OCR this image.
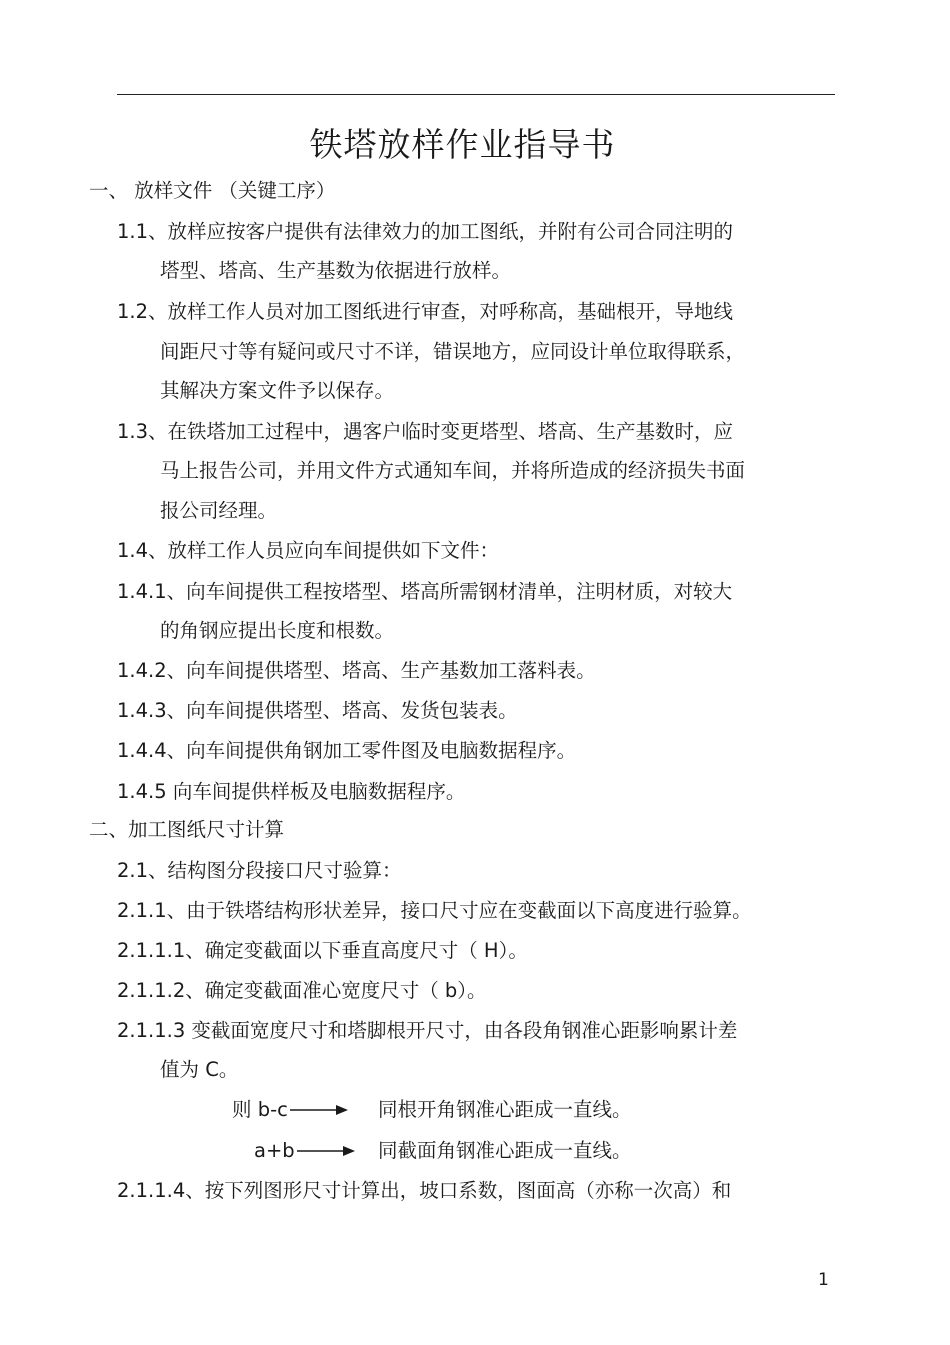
铁塔放样作业指导书
一、 放样文件 （关键工序）
1.1、放样应按客户提供有法律效力的加工图纸，并附有公司合同注明的
塔型、塔高、生产基数为依据进行放样。
1.2、放样工作人员对加工图纸进行审查，对呼称高，基础根开，导地线
间距尺寸等有疑问或尺寸不详，错误地方，应同设计单位取得联系，
其解决方案文件予以保存。
1.3、在铁塔加工过程中，遇客户临时变更塔型、塔高、生产基数时，应
马上报告公司，并用文件方式通知车间，并将所造成的经济损失书面
报公司经理。
1.4、放样工作人员应向车间提供如下文件：
1.4.1、向车间提供工程按塔型、塔高所需钢材清单，注明材质，对较大
的角钢应提出长度和根数。
1.4.2、向车间提供塔型、塔高、生产基数加工落料表。
1.4.3、向车间提供塔型、塔高、发货包装表。
1.4.4、向车间提供角钢加工零件图及电脑数据程序。
1.4.5 向车间提供样板及电脑数据程序。
二、加工图纸尺寸计算
2.1、结构图分段接口尺寸验算：
2.1.1、由于铁塔结构形状差异，接口尺寸应在变截面以下高度进行验算。
2.1.1.1、确定变截面以下垂直高度尺寸（ H）。
2.1.1.2、确定变截面准心宽度尺寸（ b）。
2.1.1.3 变截面宽度尺寸和塔脚根开尺寸，由各段角钢准心距影响累计差
值为 C。
则 b-c	同根开角钢准心距成一直线。
a+b	同截面角钢准心距成一直线。
2.1.1.4、按下列图形尺寸计算出，坡口系数，图面高（亦称一次高）和
1
